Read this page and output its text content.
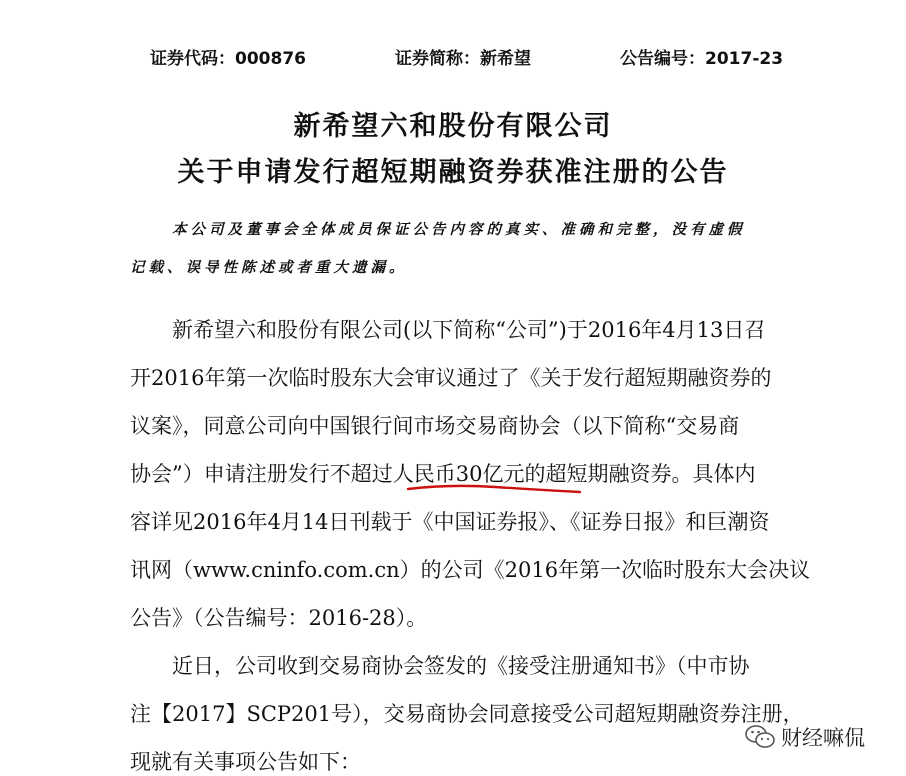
证券代码：000876	证券简称：新希望	公告编号：2017-23
新希望六和股份有限公司
关于申请发行超短期融资券获准注册的公告
本公司及董事会全体成员保证公告内容的真实、准确和完整，没有虚假
记载、误导性陈述或者重大遗漏。
　　新希望六和股份有限公司(以下简称“公司”)于2016年4月13日召
开2016年第一次临时股东大会审议通过了《关于发行超短期融资券的
议案》，同意公司向中国银行间市场交易商协会（以下简称“交易商
协会”）申请注册发行不超过人民币30亿元的超短期融资券。具体内
容详见2016年4月14日刊载于《中国证券报》、《证券日报》和巨潮资
讯网（www.cninfo.com.cn）的公司《2016年第一次临时股东大会决议
公告》（公告编号：2016-28）。
　　近日，公司收到交易商协会签发的《接受注册通知书》（中市协
注【2017】SCP201号），交易商协会同意接受公司超短期融资券注册，
现就有关事项公告如下：
财经嘛侃
